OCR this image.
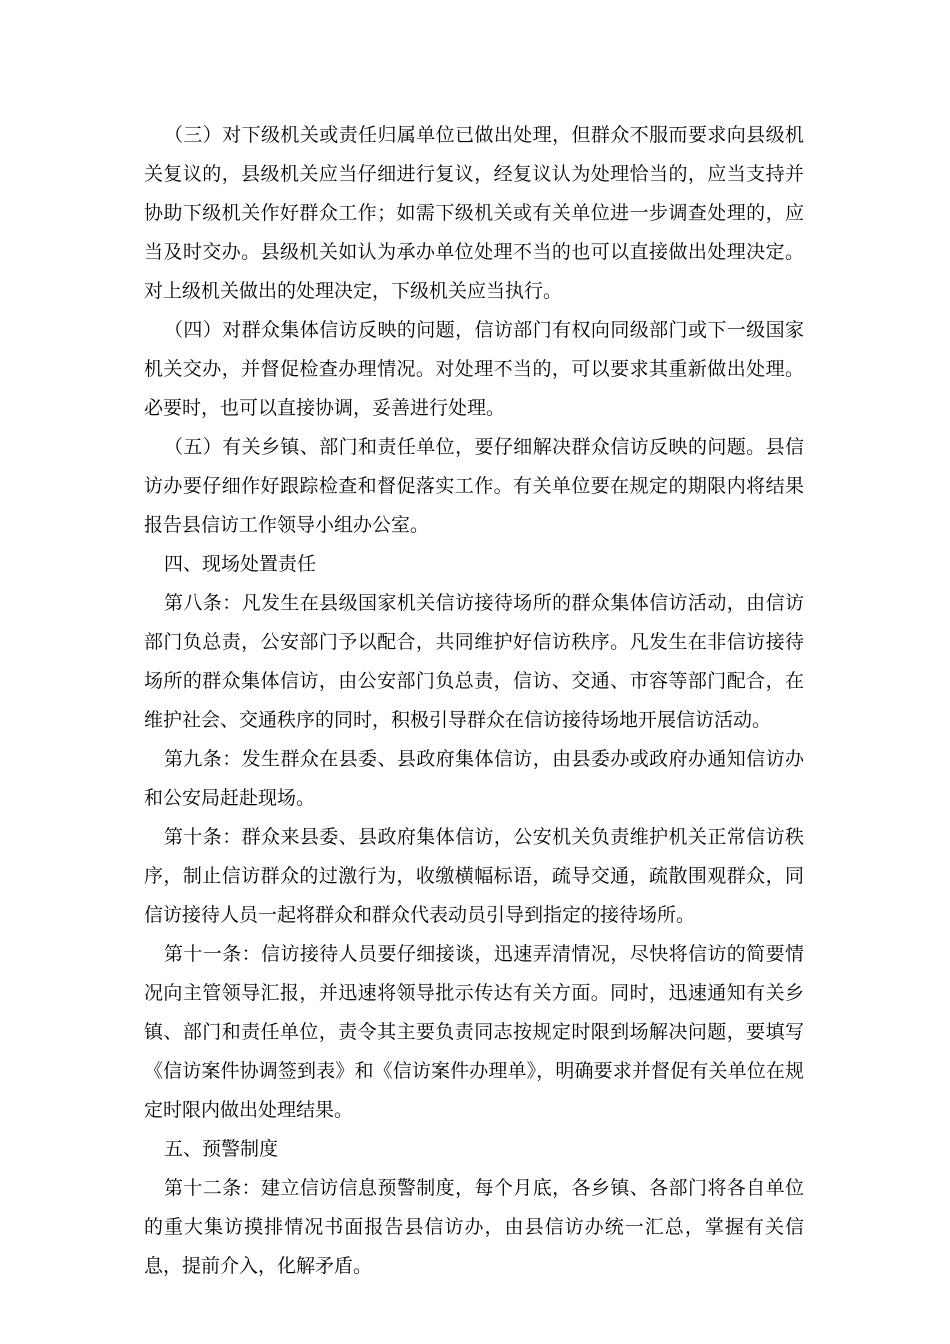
（三）对下级机关或责任归属单位已做出处理，但群众不服而要求向县级机关复议的，县级机关应当仔细进行复议，经复议认为处理恰当的，应当支持并协助下级机关作好群众工作；如需下级机关或有关单位进一步调查处理的，应当及时交办。县级机关如认为承办单位处理不当的也可以直接做出处理决定。对上级机关做出的处理决定，下级机关应当执行。

（四）对群众集体信访反映的问题，信访部门有权向同级部门或下一级国家机关交办，并督促检查办理情况。对处理不当的，可以要求其重新做出处理。必要时，也可以直接协调，妥善进行处理。

（五）有关乡镇、部门和责任单位，要仔细解决群众信访反映的问题。县信访办要仔细作好跟踪检查和督促落实工作。有关单位要在规定的期限内将结果报告县信访工作领导小组办公室。

四、现场处置责任

第八条：凡发生在县级国家机关信访接待场所的群众集体信访活动，由信访部门负总责，公安部门予以配合，共同维护好信访秩序。凡发生在非信访接待场所的群众集体信访，由公安部门负总责，信访、交通、市容等部门配合，在维护社会、交通秩序的同时，积极引导群众在信访接待场地开展信访活动。

第九条：发生群众在县委、县政府集体信访，由县委办或政府办通知信访办和公安局赶赴现场。

第十条：群众来县委、县政府集体信访，公安机关负责维护机关正常信访秩序，制止信访群众的过激行为，收缴横幅标语，疏导交通，疏散围观群众，同信访接待人员一起将群众和群众代表动员引导到指定的接待场所。

第十一条：信访接待人员要仔细接谈，迅速弄清情况，尽快将信访的简要情况向主管领导汇报，并迅速将领导批示传达有关方面。同时，迅速通知有关乡镇、部门和责任单位，责令其主要负责同志按规定时限到场解决问题，要填写《信访案件协调签到表》和《信访案件办理单》，明确要求并督促有关单位在规定时限内做出处理结果。

五、预警制度

第十二条：建立信访信息预警制度，每个月底，各乡镇、各部门将各自单位的重大集访摸排情况书面报告县信访办，由县信访办统一汇总，掌握有关信息，提前介入，化解矛盾。
